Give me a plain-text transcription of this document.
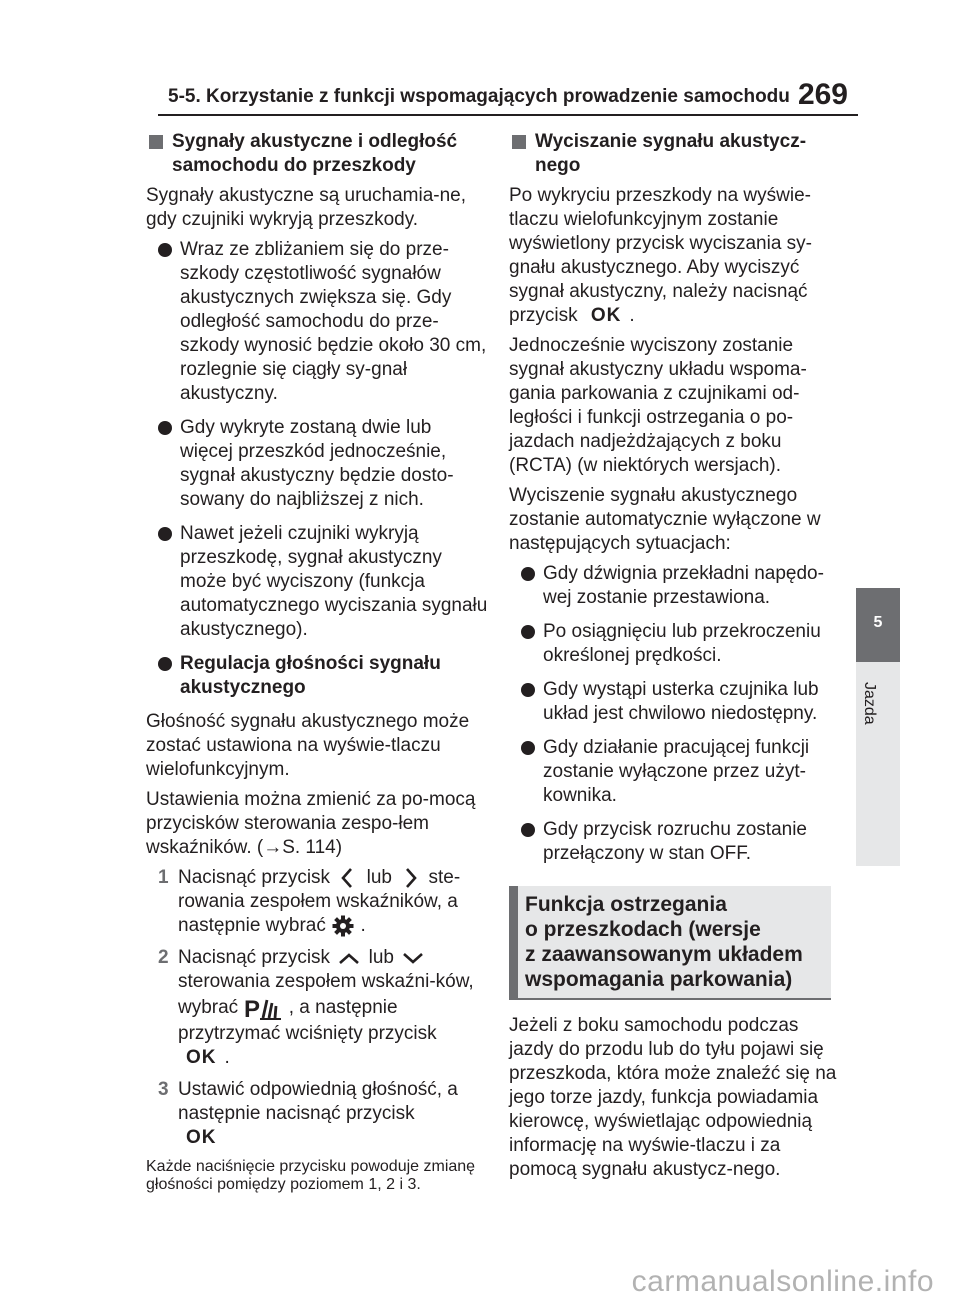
5-5. Korzystanie z funkcji wspomagających prowadzenie samochodu 269
5
Jazda
Sygnały akustyczne i odległość samochodu do przeszkody

Sygnały akustyczne są uruchamia-ne, gdy czujniki wykryją przeszkody.

Wraz ze zbliżaniem się do prze-szkody częstotliwość sygnałów akustycznych zwiększa się. Gdy odległość samochodu do prze-szkody wynosić będzie około 30 cm, rozlegnie się ciągły sy-gnał akustyczny.
Gdy wykryte zostaną dwie lub więcej przeszkód jednocześnie, sygnał akustyczny będzie dosto-sowany do najbliższej z nich.
Nawet jeżeli czujniki wykryją przeszkodę, sygnał akustyczny może być wyciszony (funkcja automatycznego wyciszania sygnału akustycznego).
Regulacja głośności sygnału akustycznego

Głośność sygnału akustycznego może zostać ustawiona na wyświe-tlaczu wielofunkcyjnym.

Ustawienia można zmienić za po-mocą przycisków sterowania zespo-łem wskaźników. (→S. 114)

1 Nacisnąć przycisk lub ste-rowania zespołem wskaźników, a następnie wybrać .
2 Nacisnąć przycisk lub  sterowania zespołem wskaźni-ków, wybrać P , a następnie przytrzymać wciśnięty przycisk OK .
3 Ustawić odpowiednią głośność, a następnie nacisnąć przycisk
OK
Każde naciśnięcie przycisku powoduje zmianę głośności pomiędzy poziomem 1, 2 i 3.
Wyciszanie sygnału akustycz-nego

Po wykryciu przeszkody na wyświe-tlaczu wielofunkcyjnym zostanie wyświetlony przycisk wyciszania sy-gnału akustycznego. Aby wyciszyć sygnał akustyczny, należy nacisnąć przycisk OK .

Jednocześnie wyciszony zostanie sygnał akustyczny układu wspoma-gania parkowania z czujnikami od-ległości i funkcji ostrzegania o po-jazdach nadjeżdżających z boku (RCTA) (w niektórych wersjach).

Wyciszenie sygnału akustycznego zostanie automatycznie wyłączone w następujących sytuacjach:

Gdy dźwignia przekładni napędo-wej zostanie przestawiona.
Po osiągnięciu lub przekroczeniu określonej prędkości.
Gdy wystąpi usterka czujnika lub układ jest chwilowo niedostępny.
Gdy działanie pracującej funkcji zostanie wyłączone przez użyt-kownika.
Gdy przycisk rozruchu zostanie przełączony w stan OFF.
Funkcja ostrzegania
o przeszkodach (wersje
z zaawansowanym układem
wspomagania parkowania)

Jeżeli z boku samochodu podczas jazdy do przodu lub do tyłu pojawi się przeszkoda, która może znaleźć się na jego torze jazdy, funkcja powiadamia kierowcę, wyświetlając odpowiednią informację na wyświe-tlaczu i za pomocą sygnału akustycz-nego.

carmanualsonline.info
